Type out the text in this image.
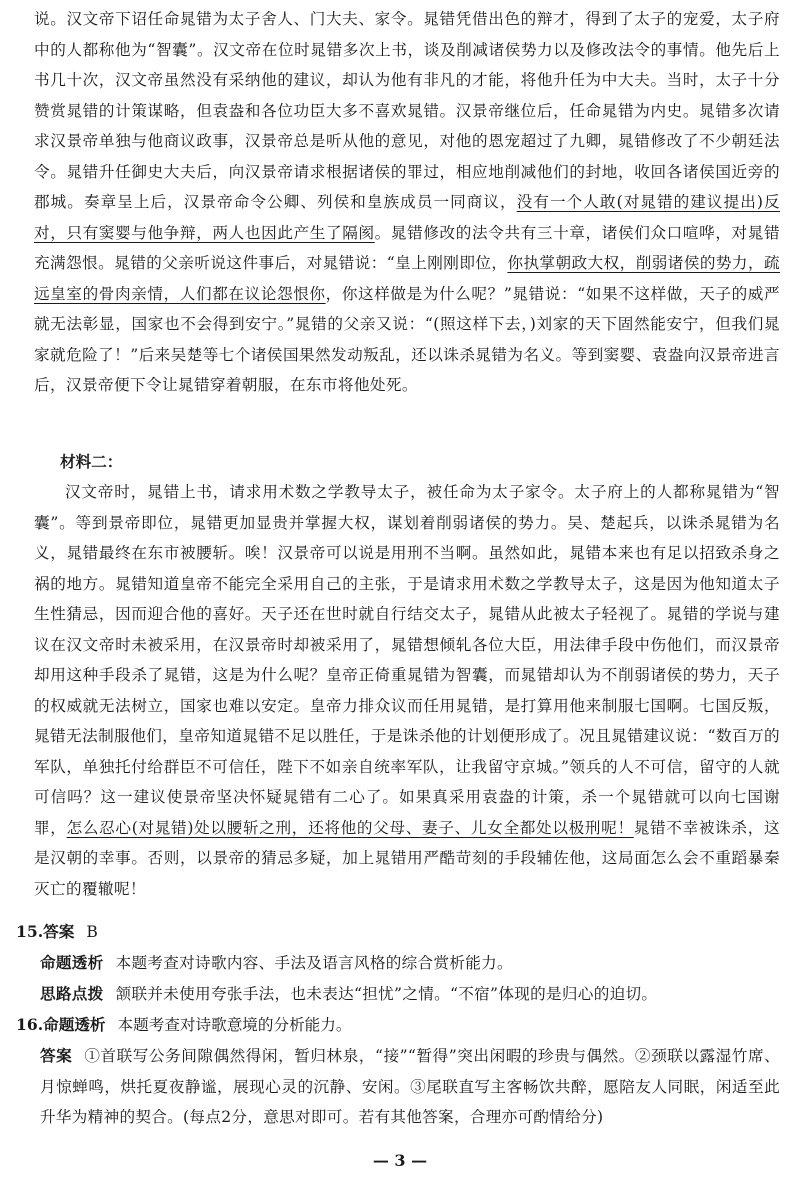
说。汉文帝下诏任命晁错为太子舍人、门大夫、家令。晁错凭借出色的辩才，得到了太子的宠爱，太子府中的人都称他为“智囊”。汉文帝在位时晁错多次上书，谈及削减诸侯势力以及修改法令的事情。他先后上书几十次，汉文帝虽然没有采纳他的建议，却认为他有非凡的才能，将他升任为中大夫。当时，太子十分赞赏晁错的计策谋略，但袁盎和各位功臣大多不喜欢晁错。汉景帝继位后，任命晁错为内史。晁错多次请求汉景帝单独与他商议政事，汉景帝总是听从他的意见，对他的恩宠超过了九卿，晁错修改了不少朝廷法令。晁错升任御史大夫后，向汉景帝请求根据诸侯的罪过，相应地削减他们的封地，收回各诸侯国近旁的郡城。奏章呈上后，汉景帝命令公卿、列侯和皇族成员一同商议，没有一个人敢(对晁错的建议提出)反对，只有窦婴与他争辩，两人也因此产生了隔阂。晁错修改的法令共有三十章，诸侯们众口喧哗，对晁错充满怨恨。晁错的父亲听说这件事后，对晁错说：“皇上刚刚即位，你执掌朝政大权，削弱诸侯的势力，疏远皇室的骨肉亲情，人们都在议论怨恨你，你这样做是为什么呢？”晁错说：“如果不这样做，天子的威严就无法彰显，国家也不会得到安宁。”晁错的父亲又说：“(照这样下去，)刘家的天下固然能安宁，但我们晁家就危险了！”后来吴楚等七个诸侯国果然发动叛乱，还以诛杀晁错为名义。等到窦婴、袁盎向汉景帝进言后，汉景帝便下令让晁错穿着朝服，在东市将他处死。

材料二：

汉文帝时，晁错上书，请求用术数之学教导太子，被任命为太子家令。太子府上的人都称晁错为“智囊”。等到景帝即位，晁错更加显贵并掌握大权，谋划着削弱诸侯的势力。吴、楚起兵，以诛杀晁错为名义，晁错最终在东市被腰斩。唉！汉景帝可以说是用刑不当啊。虽然如此，晁错本来也有足以招致杀身之祸的地方。晁错知道皇帝不能完全采用自己的主张，于是请求用术数之学教导太子，这是因为他知道太子生性猜忌，因而迎合他的喜好。天子还在世时就自行结交太子，晁错从此被太子轻视了。晁错的学说与建议在汉文帝时未被采用，在汉景帝时却被采用了，晁错想倾轧各位大臣，用法律手段中伤他们，而汉景帝却用这种手段杀了晁错，这是为什么呢？皇帝正倚重晁错为智囊，而晁错却认为不削弱诸侯的势力，天子的权威就无法树立，国家也难以安定。皇帝力排众议而任用晁错，是打算用他来制服七国啊。七国反叛，晁错无法制服他们，皇帝知道晁错不足以胜任，于是诛杀他的计划便形成了。况且晁错建议说：“数百万的军队，单独托付给群臣不可信任，陛下不如亲自统率军队，让我留守京城。”领兵的人不可信，留守的人就可信吗？这一建议使景帝坚决怀疑晁错有二心了。如果真采用袁盎的计策，杀一个晁错就可以向七国谢罪，怎么忍心(对晁错)处以腰斩之刑，还将他的父母、妻子、儿女全都处以极刑呢！晁错不幸被诛杀，这是汉朝的幸事。否则，以景帝的猜忌多疑，加上晁错用严酷苛刻的手段辅佐他，这局面怎么会不重蹈暴秦灭亡的覆辙呢！

15.答案 B

命题透析 本题考查对诗歌内容、手法及语言风格的综合赏析能力。

思路点拨 颔联并未使用夸张手法，也未表达“担忧”之情。“不宿”体现的是归心的迫切。

16.命题透析 本题考查对诗歌意境的分析能力。

答案 ①首联写公务间隙偶然得闲，暂归林泉，“接”“暂得”突出闲暇的珍贵与偶然。②颈联以露湿竹席、月惊蝉鸣，烘托夏夜静谧，展现心灵的沉静、安闲。③尾联直写主客畅饮共醉，愿陪友人同眠，闲适至此升华为精神的契合。(每点2分，意思对即可。若有其他答案，合理亦可酌情给分)

— 3 —
